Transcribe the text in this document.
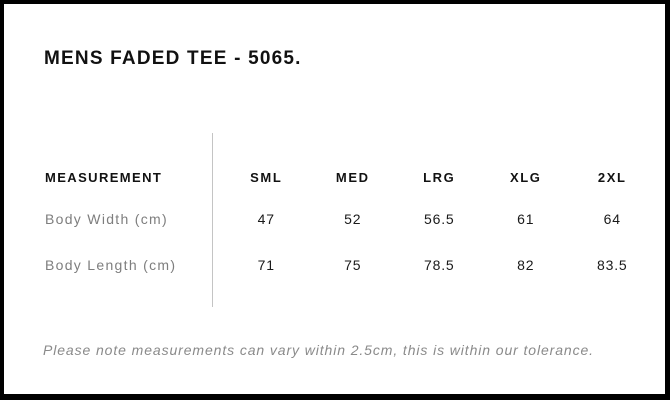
MENS FADED TEE - 5065.
MEASUREMENT	SML	MED	LRG	XLG	2XL
Body Width (cm)	47	52	56.5	61	64
Body Length (cm)	71	75	78.5	82	83.5
Please note measurements can vary within 2.5cm, this is within our tolerance.
